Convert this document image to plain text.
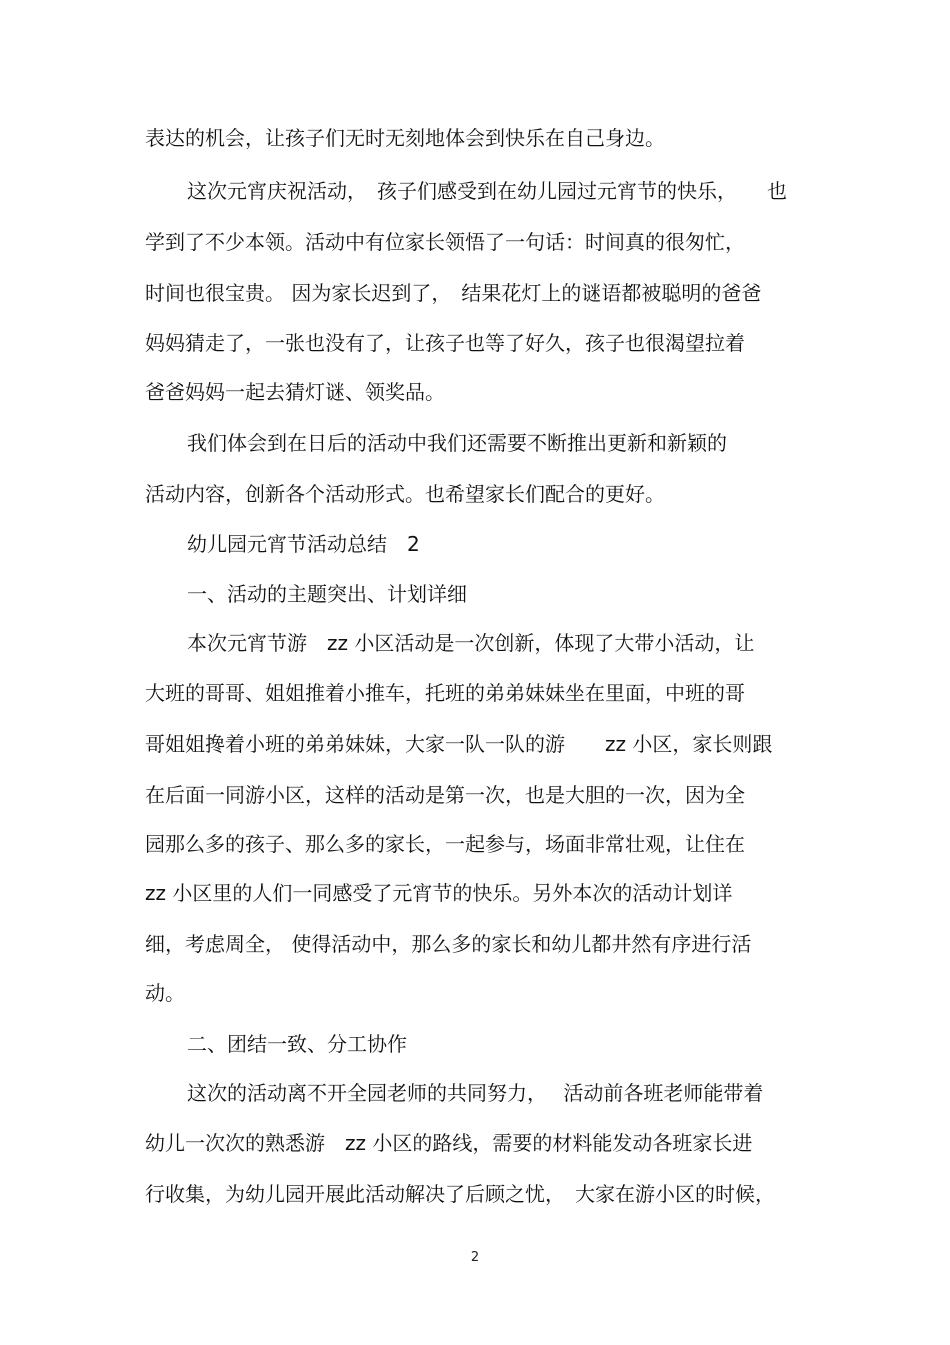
表达的机会，让孩子们无时无刻地体会到快乐在自己身边。
这次元宵庆祝活动，　孩子们感受到在幼儿园过元宵节的快乐，　　也
学到了不少本领。活动中有位家长领悟了一句话：时间真的很匆忙，
时间也很宝贵。 因为家长迟到了，　结果花灯上的谜语都被聪明的爸爸
妈妈猜走了，一张也没有了，让孩子也等了好久，孩子也很渴望拉着
爸爸妈妈一起去猜灯谜、领奖品。
我们体会到在日后的活动中我们还需要不断推出更新和新颖的
活动内容，创新各个活动形式。也希望家长们配合的更好。
幼儿园元宵节活动总结　2
一、活动的主题突出、计划详细
本次元宵节游　zz 小区活动是一次创新，体现了大带小活动，让
大班的哥哥、姐姐推着小推车，托班的弟弟妹妹坐在里面，中班的哥
哥姐姐搀着小班的弟弟妹妹，大家一队一队的游　　zz 小区，家长则跟
在后面一同游小区，这样的活动是第一次，也是大胆的一次，因为全
园那么多的孩子、那么多的家长，一起参与，场面非常壮观，让住在
zz 小区里的人们一同感受了元宵节的快乐。另外本次的活动计划详
细，考虑周全， 使得活动中，那么多的家长和幼儿都井然有序进行活
动。
二、团结一致、分工协作
这次的活动离不开全园老师的共同努力，　 活动前各班老师能带着
幼儿一次次的熟悉游　zz 小区的路线，需要的材料能发动各班家长进
行收集，为幼儿园开展此活动解决了后顾之忧，　大家在游小区的时候，
2
